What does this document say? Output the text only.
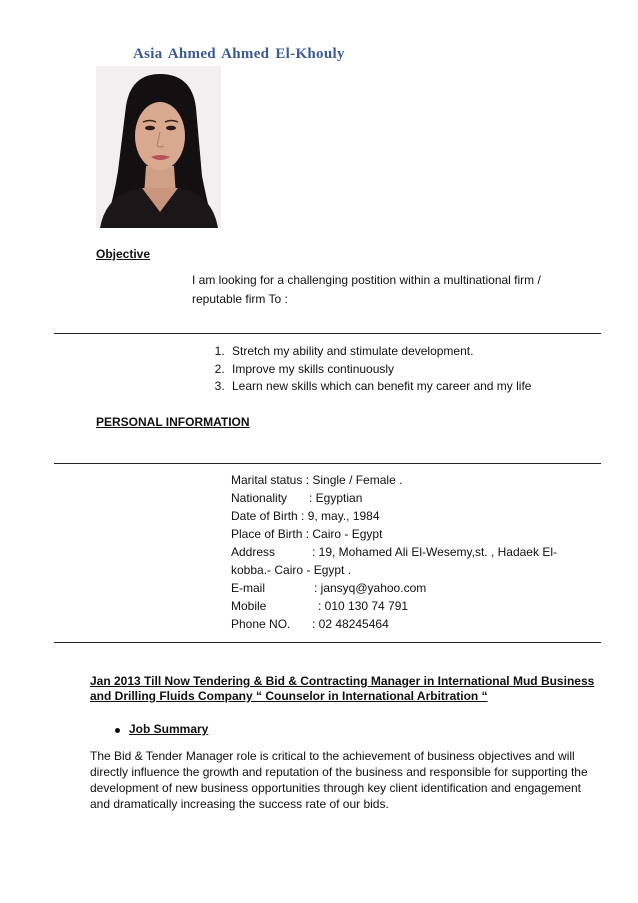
Asia Ahmed Ahmed El-Khouly
Objective
I am looking for a challenging postition within a multinational firm /
reputable firm To :
1. Stretch my ability and stimulate development.
2. Improve my skills continuously
3. Learn new skills which can benefit my career and my life
PERSONAL INFORMATION
Marital status : Single / Female .
Nationality : Egyptian
Date of Birth : 9, may., 1984
Place of Birth : Cairo - Egypt
Address	: 19, Mohamed Ali El-Wesemy,st. , Hadaek El-
kobba.- Cairo - Egypt .
E-mail	: jansyq@yahoo.com
Mobile	: 010 130 74 791
Phone NO. : 02 48245464
Jan 2013 Till Now Tendering & Bid & Contracting Manager in International Mud Business and Drilling Fluids Company “ Counselor in International Arbitration “
Job Summary
The Bid & Tender Manager role is critical to the achievement of business objectives and will directly influence the growth and reputation of the business and responsible for supporting the development of new business opportunities through key client identification and engagement and dramatically increasing the success rate of our bids.
